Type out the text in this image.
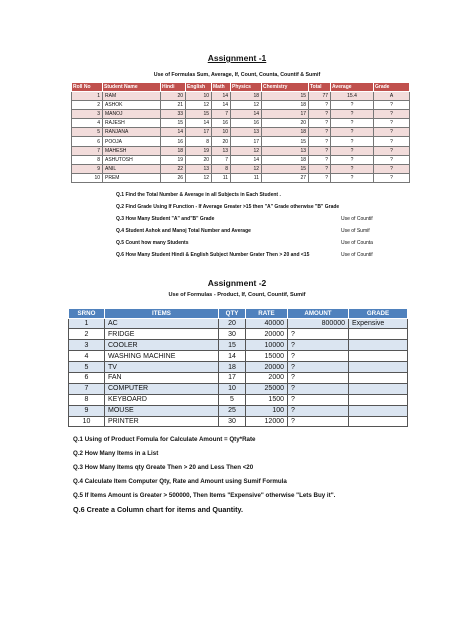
Assignment -1
Use of Formulas Sum, Average, If, Count, Counta, Countif & Sumif
Roll No	Student Name	Hindi	English	Math	Physics	Chemistry	Total	Average	Grade
1	RAM	20	10	14	18	15	77	15.4	A
2	ASHOK	21	12	14	12	18	?	?	?
3	MANOJ	33	15	7	14	17	?	?	?
4	RAJESH	15	14	16	16	20	?	?	?
5	RANJANA	14	17	10	13	18	?	?	?
6	POOJA	16	8	20	17	15	?	?	?
7	MAHESH	18	19	13	12	13	?	?	?
8	ASHUTOSH	19	20	7	14	18	?	?	?
9	ANIL	22	13	8	12	15	?	?	?
10	PREM	26	12	11	11	27	?	?	?
Q.1 Find the Total Number & Average in all Subjects in Each Student .
Q.2 Find Grade Using If Function - If Average Greater >15 then "A" Grade otherwise "B" Grade
Q.3 How Many Student "A" and"B" Grade	Use of Countif
Q.4 Student Ashok and Manoj Total Number and Average	Use of Sumif
Q.5 Count how many Students	Use of Counta
Q.6 How Many Student Hindi & English Subject Number Grater Then > 20 and <15	Use of Countif
Assignment -2
Use of Formulas - Product, If, Count, Countif, Sumif
SRNO	ITEMS	QTY	RATE	AMOUNT	GRADE
1	AC	20	40000	800000	Expensive
2	FRIDGE	30	20000	?	
3	COOLER	15	10000	?	
4	WASHING MACHINE	14	15000	?	
5	TV	18	20000	?	
6	FAN	17	2000	?	
7	COMPUTER	10	25000	?	
8	KEYBOARD	5	1500	?	
9	MOUSE	25	100	?	
10	PRINTER	30	12000	?	
Q.1 Using of Product Fomula for Calculate Amount = Qty*Rate
Q.2 How Many Items in a List
Q.3 How Many Items qty Greate Then > 20 and Less Then <20
Q.4 Calculate Item Computer Qty, Rate and Amount using Sumif Formula
Q.5 If Items Amount is Greater > 500000, Then Items "Expensive" otherwise "Lets Buy it".
Q.6 Create a Column chart for items and Quantity.
